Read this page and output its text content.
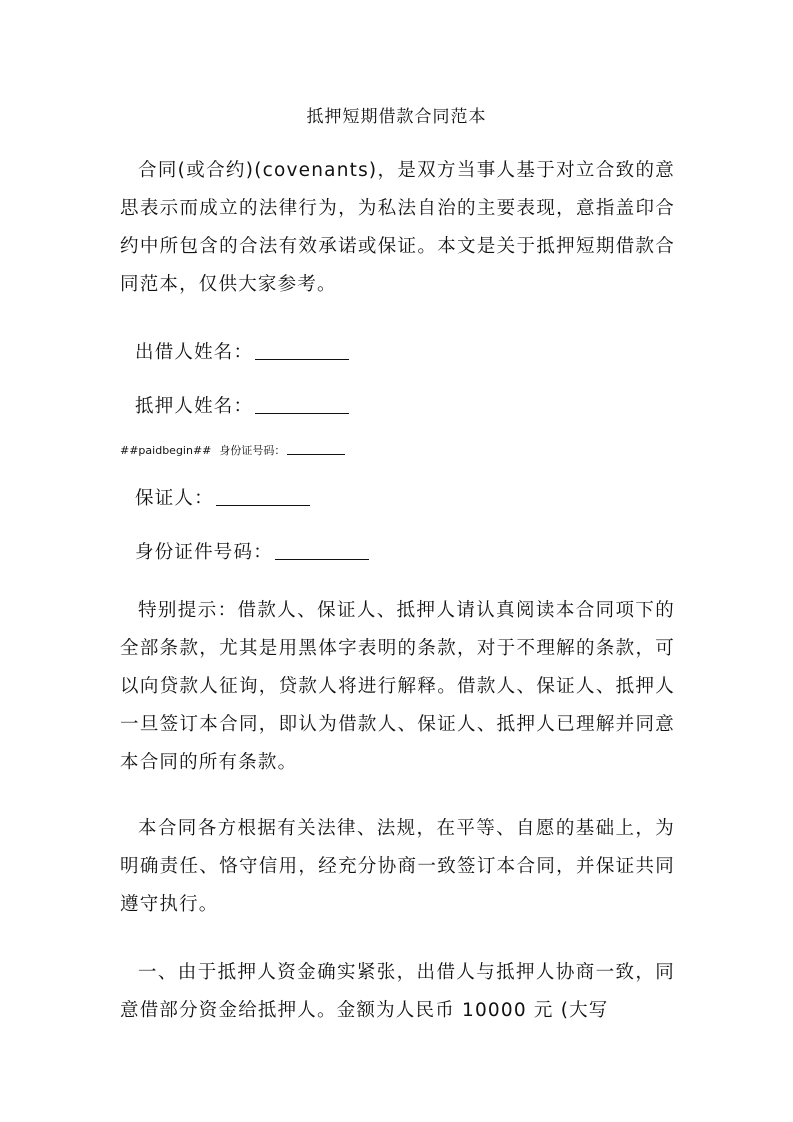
抵押短期借款合同范本
合同(或合约)(covenants)，是双方当事人基于对立合致的意思表示而成立的法律行为，为私法自治的主要表现，意指盖印合约中所包含的合法有效承诺或保证。本文是关于抵押短期借款合同范本，仅供大家参考。
出借人姓名：
抵押人姓名：
##paidbegin## 身份证号码：
保证人：
身份证件号码：
特别提示：借款人、保证人、抵押人请认真阅读本合同项下的全部条款，尤其是用黑体字表明的条款，对于不理解的条款，可以向贷款人征询，贷款人将进行解释。借款人、保证人、抵押人一旦签订本合同，即认为借款人、保证人、抵押人已理解并同意本合同的所有条款。
本合同各方根据有关法律、法规，在平等、自愿的基础上，为明确责任、恪守信用，经充分协商一致签订本合同，并保证共同遵守执行。
一、由于抵押人资金确实紧张，出借人与抵押人协商一致，同意借部分资金给抵押人。金额为人民币 10000 元 (大写
